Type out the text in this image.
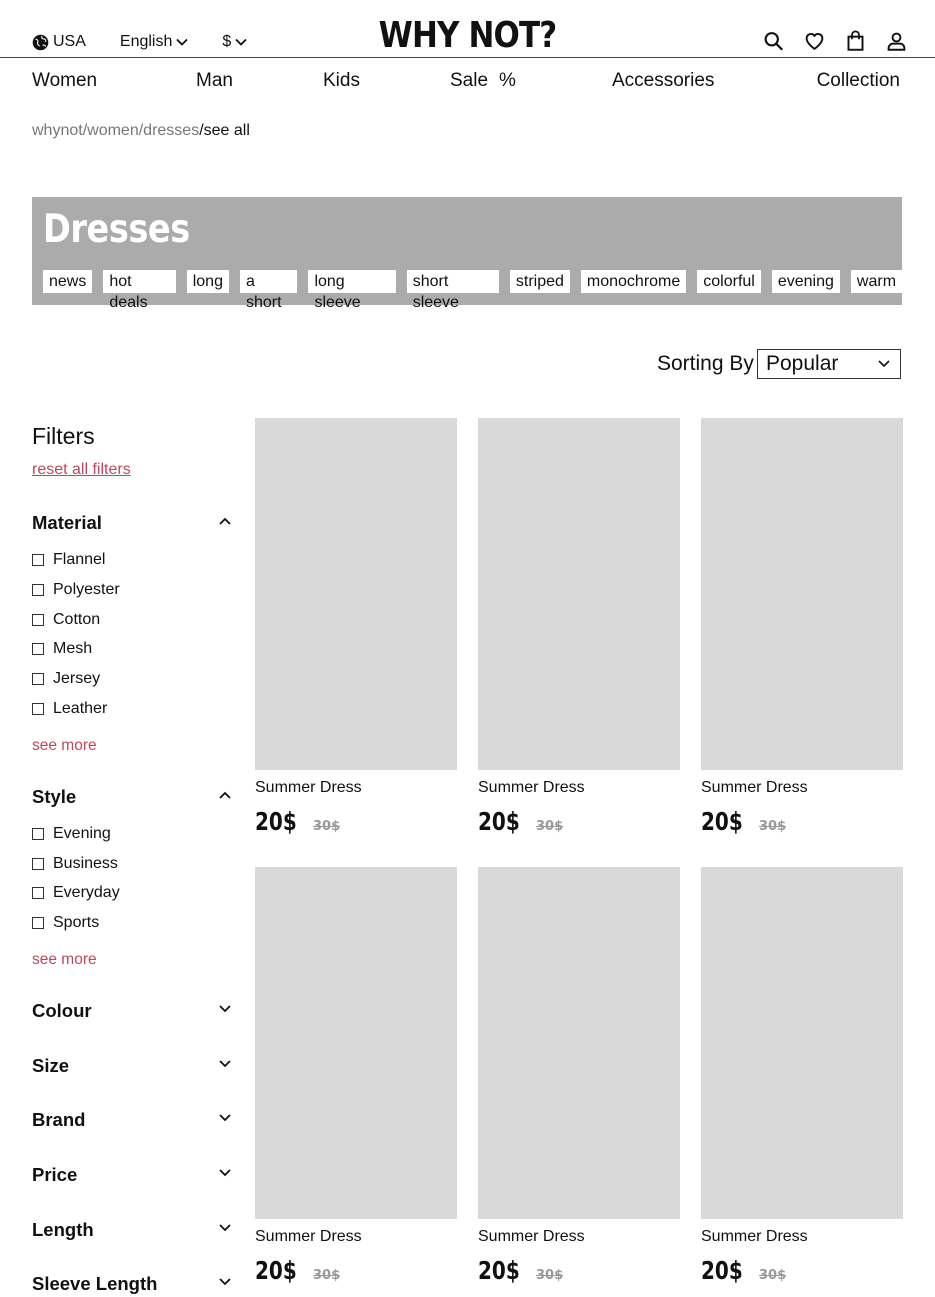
USA English	$	WHY NOT?
Women	Man	Kids	Sale %	Accessories	Collection
whynot/women/dresses/see all
Dresses
news	hot deals
long	a short
long sleeve
short sleeve
striped	monochrome	colorful	evening	warm
Sorting By Popular
Filters
reset all filters
Material
Flannel
Polyester
Cotton
Mesh
Jersey
Leather
see more
Style
Evening
Business
Everyday
Sports
see more
Colour
Size
Brand
Price
Length
Sleeve Length
Summer Dress
20$ 30$
Summer Dress
20$ 30$
Summer Dress
20$ 30$
Summer Dress
20$ 30$
Summer Dress
20$ 30$
Summer Dress
20$ 30$
